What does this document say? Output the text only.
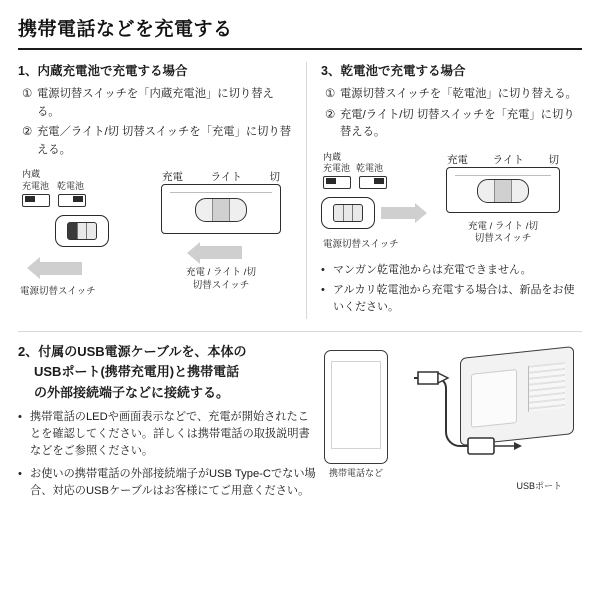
携帯電話などを充電する
1、内蔵充電池で充電する場合
① 電源切替スイッチを「内蔵充電池」に切り替える。
② 充電／ライト/切 切替スイッチを「充電」に切り替える。
内蔵
充電池 乾電池
電源切替スイッチ
充電	ライト	切
充電 / ライト /切
切替スイッチ
3、乾電池で充電する場合
① 電源切替スイッチを「乾電池」に切り替える。
② 充電/ライト/切 切替スイッチを「充電」に切り替える。
内蔵
充電池 乾電池
電源切替スイッチ
充電 ライト 切
充電 / ライト /切
切替スイッチ
• マンガン乾電池からは充電できません。
• アルカリ乾電池から充電する場合は、新品をお使いください。
2、付属のUSB電源ケーブルを、本体の
USBポート(携帯充電用)と携帯電話
の外部接続端子などに接続する。
• 携帯電話のLEDや画面表示などで、充電が開始されたことを確認してください。詳しくは携帯電話の取扱説明書などをご参照ください。
• お使いの携帯電話の外部接続端子がUSB Type-Cでない場合、対応のUSBケーブルはお客様にてご用意ください。
携帯電話など
USBポート
